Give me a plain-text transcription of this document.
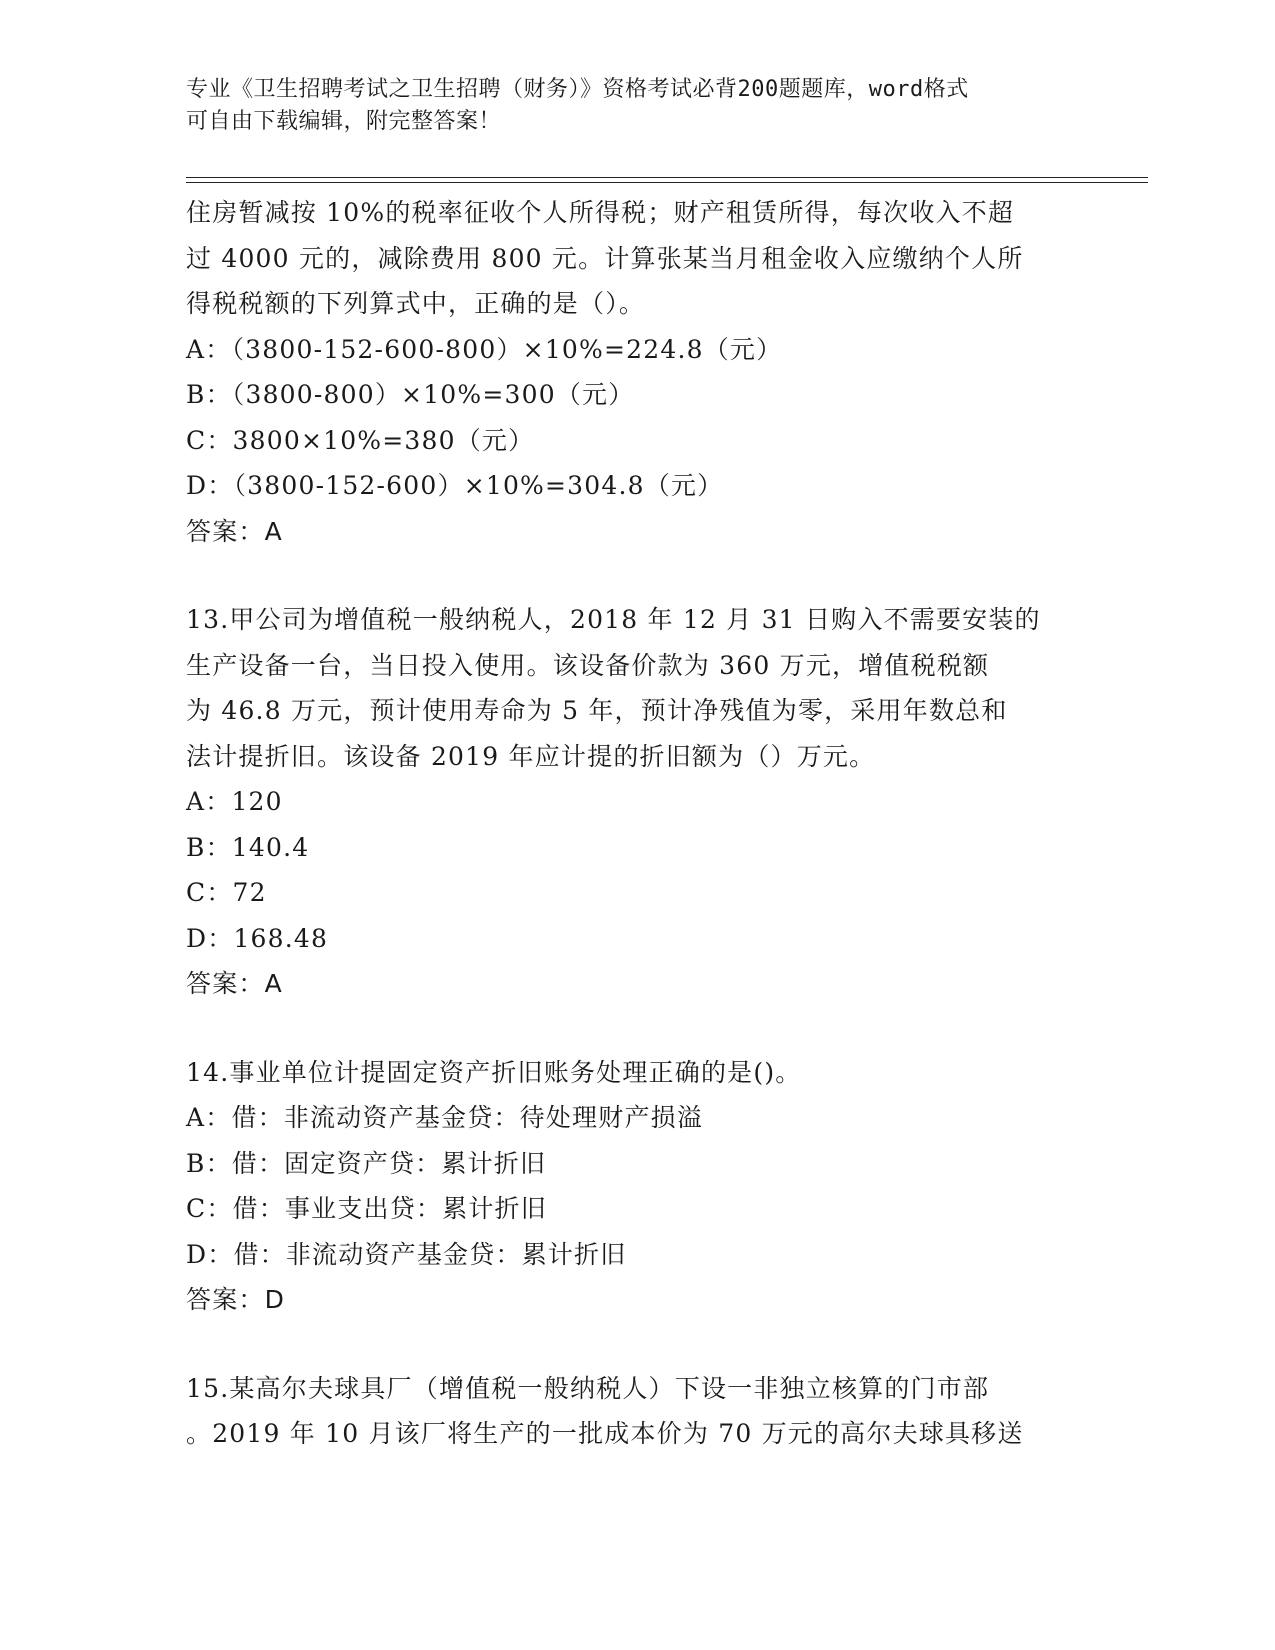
专业《卫生招聘考试之卫生招聘（财务）》资格考试必背200题题库，word格式
可自由下载编辑，附完整答案！
住房暂减按 10%的税率征收个人所得税；财产租赁所得，每次收入不超
过 4000 元的，减除费用 800 元。计算张某当月租金收入应缴纳个人所
得税税额的下列算式中，正确的是（）。
A：（3800-152-600-800）×10%=224.8（元）
B：（3800-800）×10%=300（元）
C：3800×10%=380（元）
D：（3800-152-600）×10%=304.8（元）
答案：A
13.甲公司为增值税一般纳税人，2018 年 12 月 31 日购入不需要安装的
生产设备一台，当日投入使用。该设备价款为 360 万元，增值税税额
为 46.8 万元，预计使用寿命为 5 年，预计净残值为零，采用年数总和
法计提折旧。该设备 2019 年应计提的折旧额为（）万元。
A：120
B：140.4
C：72
D：168.48
答案：A
14.事业单位计提固定资产折旧账务处理正确的是()。
A：借：非流动资产基金贷：待处理财产损溢
B：借：固定资产贷：累计折旧
C：借：事业支出贷：累计折旧
D：借：非流动资产基金贷：累计折旧
答案：D
15.某高尔夫球具厂（增值税一般纳税人）下设一非独立核算的门市部
。2019 年 10 月该厂将生产的一批成本价为 70 万元的高尔夫球具移送
